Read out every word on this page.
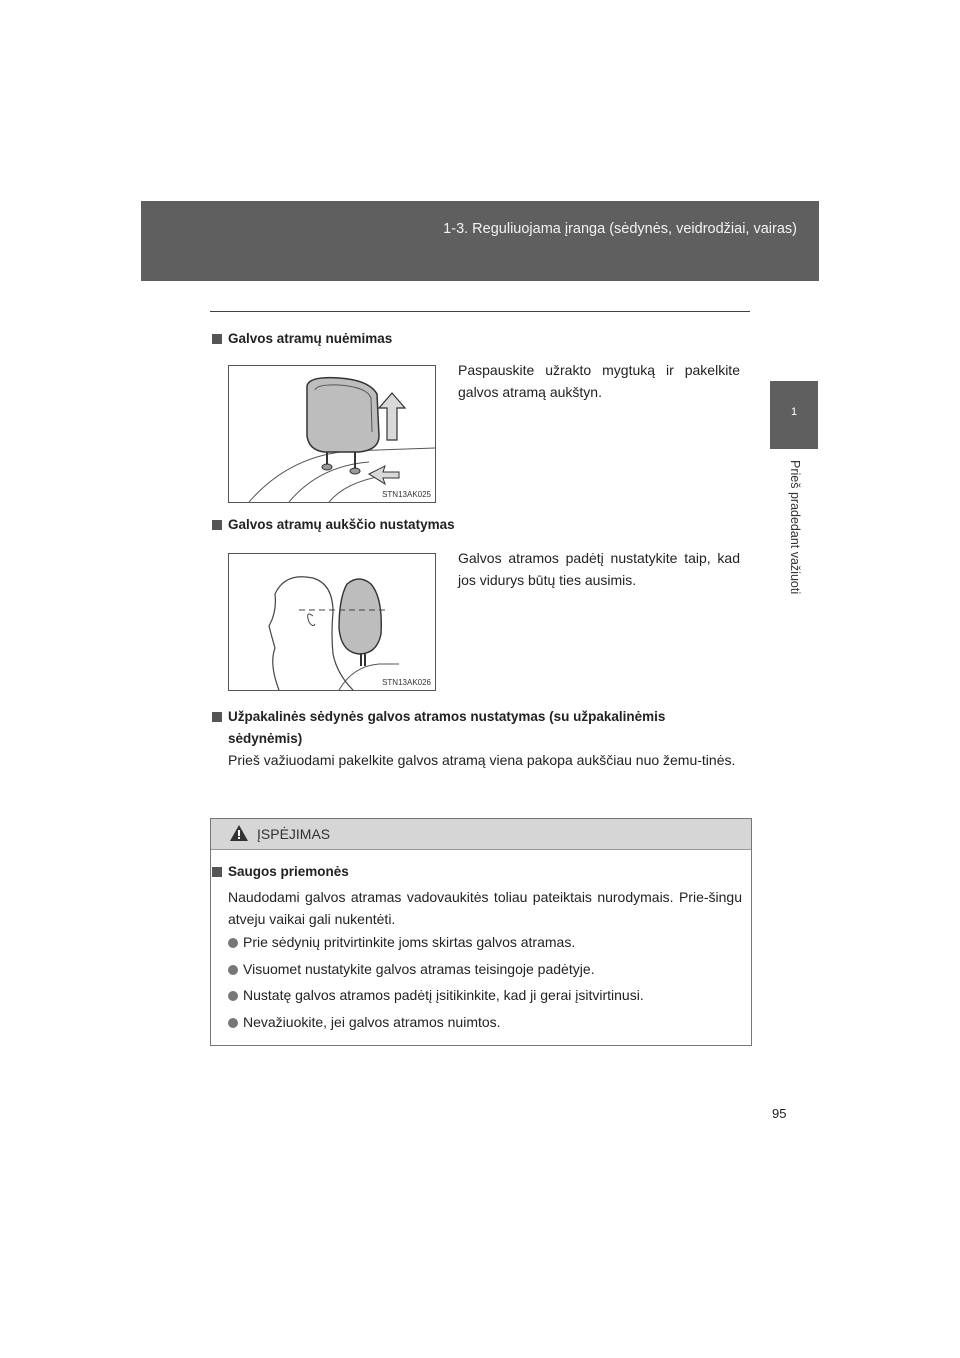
1-3. Reguliuojama įranga (sėdynės, veidrodžiai, vairas)
1
Prieš pradedant važiuoti
Galvos atramų nuėmimas
STN13AK025
Paspauskite užrakto mygtuką ir pakelkite galvos atramą aukštyn.
Galvos atramų aukščio nustatymas
STN13AK026
Galvos atramos padėtį nustatykite taip, kad jos vidurys būtų ties ausimis.
Užpakalinės sėdynės galvos atramos nustatymas (su užpakalinėmis
sėdynėmis)
Prieš važiuodami pakelkite galvos atramą viena pakopa aukščiau nuo žemu-tinės.
ĮSPĖJIMAS
Saugos priemonės
Naudodami galvos atramas vadovaukitės toliau pateiktais nurodymais. Prie-šingu atveju vaikai gali nukentėti.
Prie sėdynių pritvirtinkite joms skirtas galvos atramas.
Visuomet nustatykite galvos atramas teisingoje padėtyje.
Nustatę galvos atramos padėtį įsitikinkite, kad ji gerai įsitvirtinusi.
Nevažiuokite, jei galvos atramos nuimtos.
95
